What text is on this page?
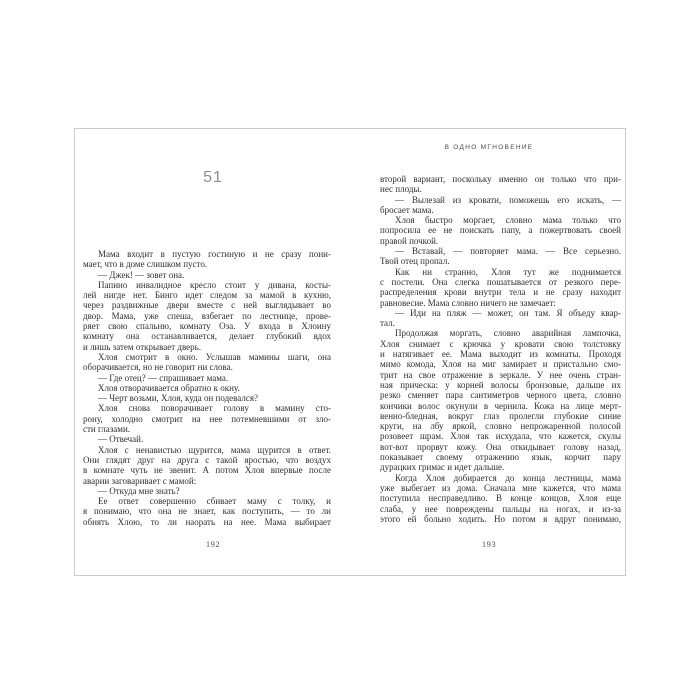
51
Мама входит в пустую гостиную и не сразу пони-
мает, что в доме слишком пусто.
— Джек! — зовет она.
Папино инвалидное кресло стоит у дивана, косты-
лей нигде нет. Бинго идет следом за мамой в кухню,
через раздвижные двери вместе с ней выглядывает во
двор. Мама, уже спеша, взбегает по лестнице, прове-
ряет свою спальню, комнату Оза. У входа в Хлоину
комнату она останавливается, делает глубокий вдох
и лишь затем открывает дверь.
Хлоя смотрит в окно. Услышав мамины шаги, она
оборачивается, но не говорит ни слова.
— Где отец? — спрашивает мама.
Хлоя отворачивается обратно к окну.
— Черт возьми, Хлоя, куда он подевался?
Хлоя снова поворачивает голову в мамину сто-
рону, холодно смотрит на нее потемневшими от зло-
сти глазами.
— Отвечай.
Хлоя с ненавистью щурится, мама щурится в ответ.
Они глядят друг на друга с такой яростью, что воздух
в комнате чуть не звенит. А потом Хлоя впервые после
аварии заговаривает с мамой:
— Откуда мне знать?
Ее ответ совершенно сбивает маму с толку, и
я понимаю, что она не знает, как поступить, — то ли
обнять Хлою, то ли наорать на нее. Мама выбирает
192
В ОДНО МГНОВЕНИЕ
второй вариант, поскольку именно он только что при-
нес плоды.
— Вылезай из кровати, поможешь его искать, —
бросает мама.
Хлоя быстро моргает, словно мама только что
попросила ее не поискать папу, а пожертвовать своей
правой почкой.
— Вставай, — повторяет мама. — Все серьезно.
Твой отец пропал.
Как ни странно, Хлоя тут же поднимается
с постели. Она слегка пошатывается от резкого пере-
распределения крови внутри тела и не сразу находит
равновесие. Мама словно ничего не замечает:
— Иди на пляж — может, он там. Я объеду квар-
тал.
Продолжая моргать, словно аварийная лампочка,
Хлоя снимает с крючка у кровати свою толстовку
и натягивает ее. Мама выходит из комнаты. Проходя
мимо комода, Хлоя на миг замирает и пристально смо-
трит на свое отражение в зеркале. У нее очень стран-
ная прическа: у корней волосы бронзовые, дальше их
резко сменяет пара сантиметров черного цвета, словно
кончики волос окунули в чернила. Кожа на лице мерт-
венно-бледная, вокруг глаз пролегли глубокие синие
круги, на лбу яркой, словно непрожаренной полосой
розовеет шрам. Хлоя так исхудала, что кажется, скулы
вот-вот прорвут кожу. Она откидывает голову назад,
показывает своему отражению язык, корчит пару
дурацких гримас и идет дальше.
Когда Хлоя добирается до конца лестницы, мама
уже выбегает из дома. Сначала мне кажется, что мама
поступила несправедливо. В конце концов, Хлоя еще
слаба, у нее повреждены пальцы на ногах, и из-за
этого ей больно ходить. Но потом я вдруг понимаю,
193
